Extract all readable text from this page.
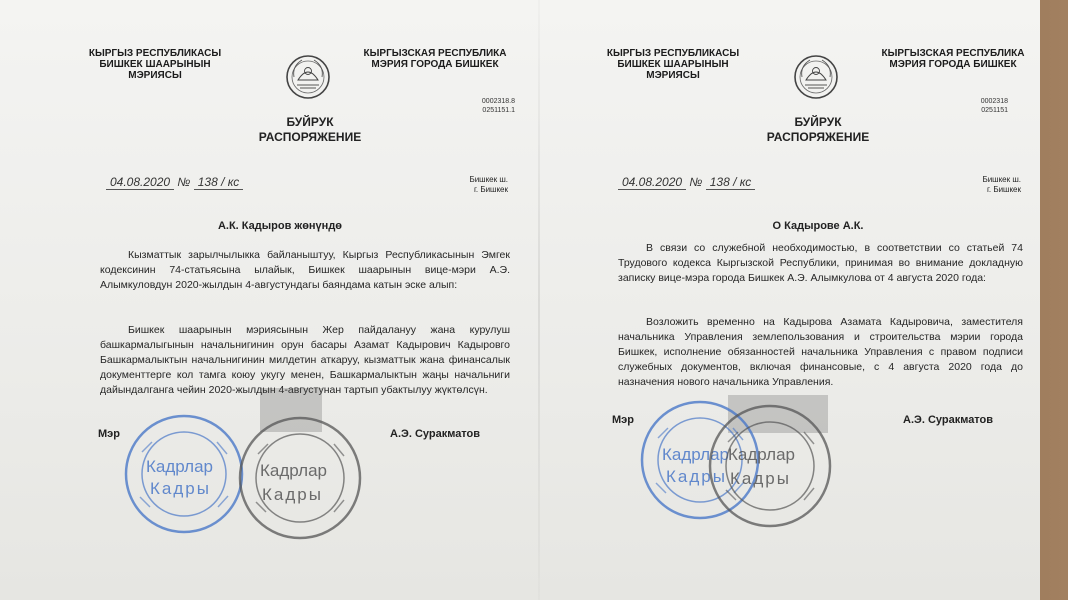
КЫРГЫЗ РЕСПУБЛИКАСЫ БИШКЕК ШААРЫНЫН МЭРИЯСЫ
КЫРГЫЗСКАЯ РЕСПУБЛИКА МЭРИЯ ГОРОДА БИШКЕК
0002318.8
0251151.1
БУЙРУК
РАСПОРЯЖЕНИЕ
04.08.2020 № 138 / кс	Бишкек ш.
г. Бишкек
А.К. Кадыров жөнүндө
Кызматтык зарылчылыкка байланыштуу, Кыргыз Республикасынын Эмгек кодексинин 74-статьясына ылайык, Бишкек шаарынын вице-мэри А.Э. Алымкуловдун 2020-жылдын 4-августундагы баяндама катын эске алып:
Бишкек шаарынын мэриясынын Жер пайдалануу жана курулуш башкармалыгынын начальнигинин орун басары Азамат Кадырович Кадыровго Башкармалыктын начальнигинин милдетин аткаруу, кызматтык жана финансалык документтерге кол тамга коюу укугу менен, Башкармалыктын жаңы начальниги дайындалганга чейин 2020-жылдын 4-августунан тартып убактылуу жүктөлсүн.
Мэр	А.Э. Суракматов
Кадрлар
Кадры
Кадрлар
Кадры
КЫРГЫЗ РЕСПУБЛИКАСЫ БИШКЕК ШААРЫНЫН МЭРИЯСЫ
КЫРГЫЗСКАЯ РЕСПУБЛИКА МЭРИЯ ГОРОДА БИШКЕК
0002318
0251151
БУЙРУК
РАСПОРЯЖЕНИЕ
04.08.2020 № 138 / кс	Бишкек ш.
г. Бишкек
О Кадырове А.К.
В связи со служебной необходимостью, в соответствии со статьей 74 Трудового кодекса Кыргызской Республики, принимая во внимание докладную записку вице-мэра города Бишкек А.Э. Алымкулова от 4 августа 2020 года:
Возложить временно на Кадырова Азамата Кадыровича, заместителя начальника Управления землепользования и строительства мэрии города Бишкек, исполнение обязанностей начальника Управления с правом подписи служебных документов, включая финансовые, с 4 августа 2020 года до назначения нового начальника Управления.
Мэр	А.Э. Суракматов
Кадрлар
Кадры
Кадрлар
Кадры
